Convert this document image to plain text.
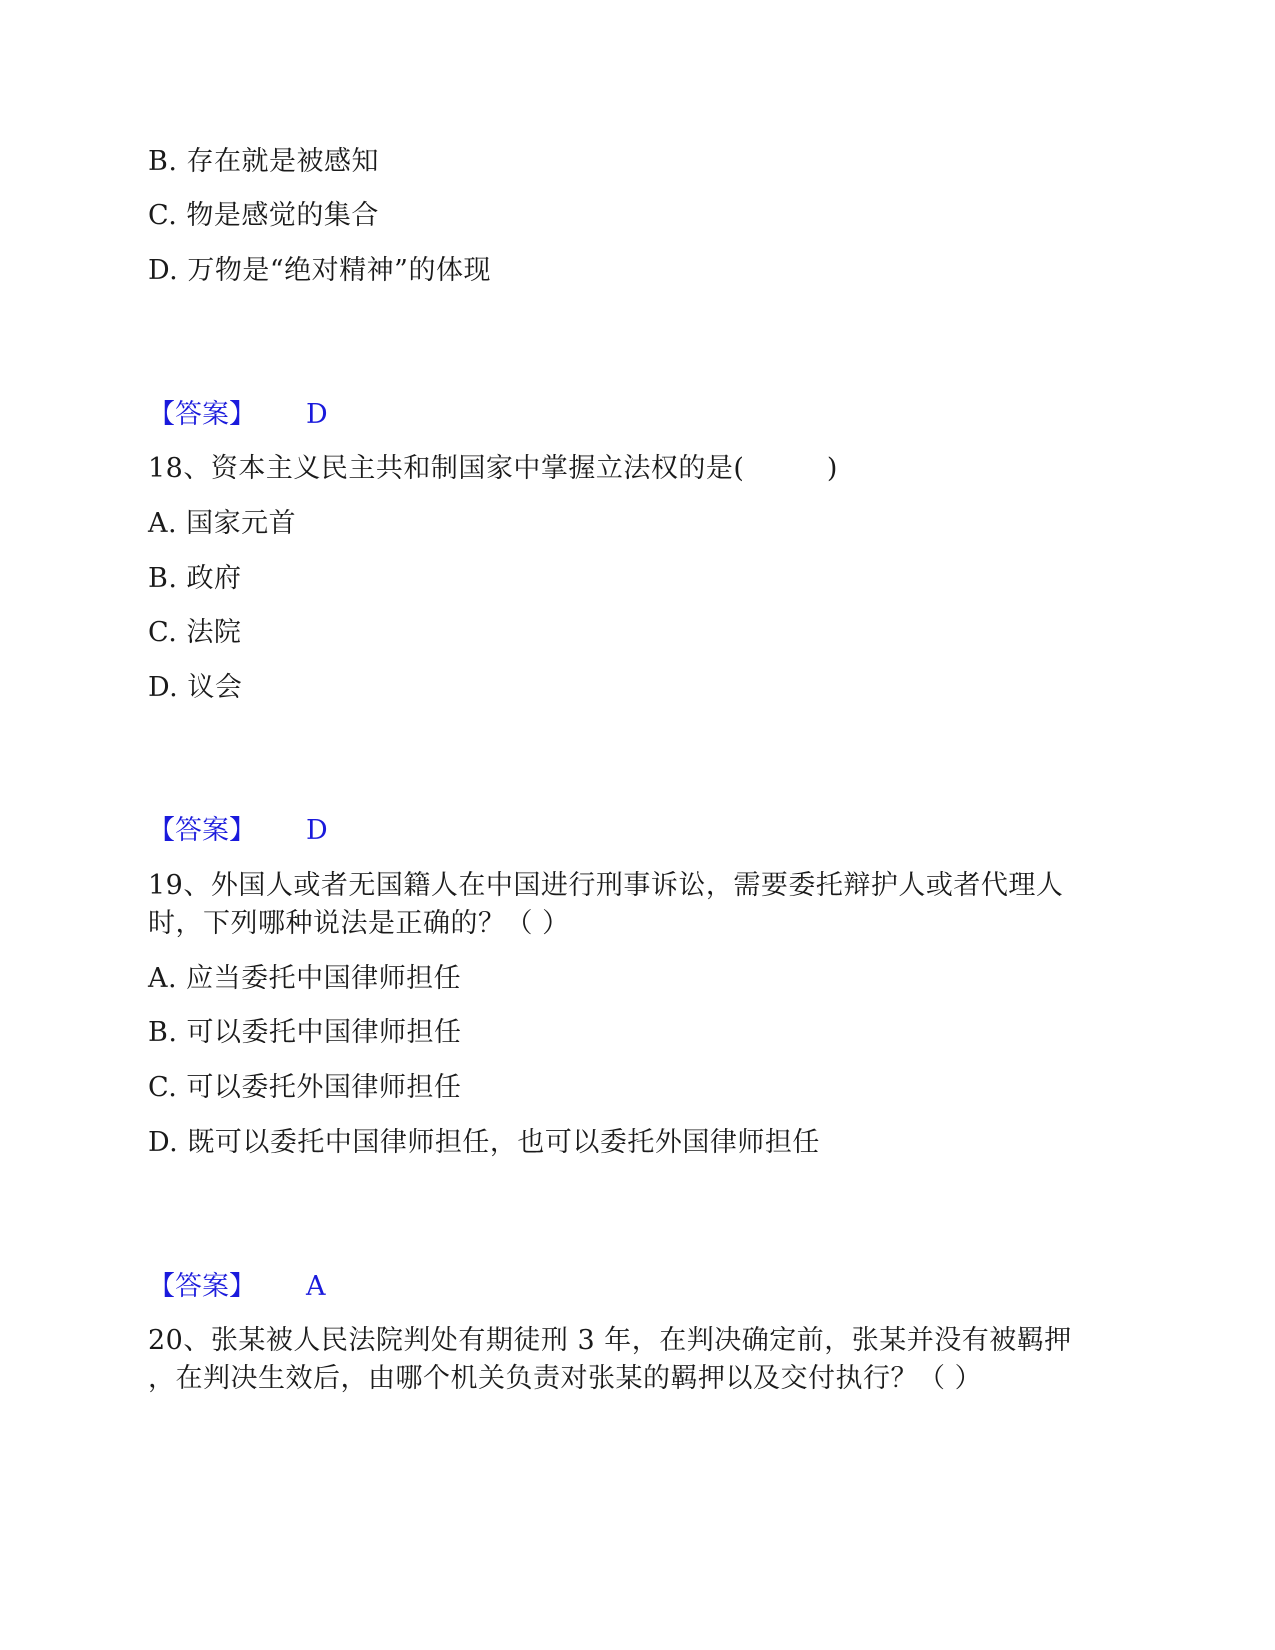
B. 存在就是被感知
C. 物是感觉的集合
D. 万物是“绝对精神”的体现
【答案】 D
18、资本主义民主共和制国家中掌握立法权的是(　　　)
A. 国家元首
B. 政府
C. 法院
D. 议会
【答案】 D
19、外国人或者无国籍人在中国进行刑事诉讼，需要委托辩护人或者代理人
时，下列哪种说法是正确的？（ ）
A. 应当委托中国律师担任
B. 可以委托中国律师担任
C. 可以委托外国律师担任
D. 既可以委托中国律师担任，也可以委托外国律师担任
【答案】 A
20、张某被人民法院判处有期徒刑 3 年，在判决确定前，张某并没有被羁押
，在判决生效后，由哪个机关负责对张某的羁押以及交付执行？（ ）
